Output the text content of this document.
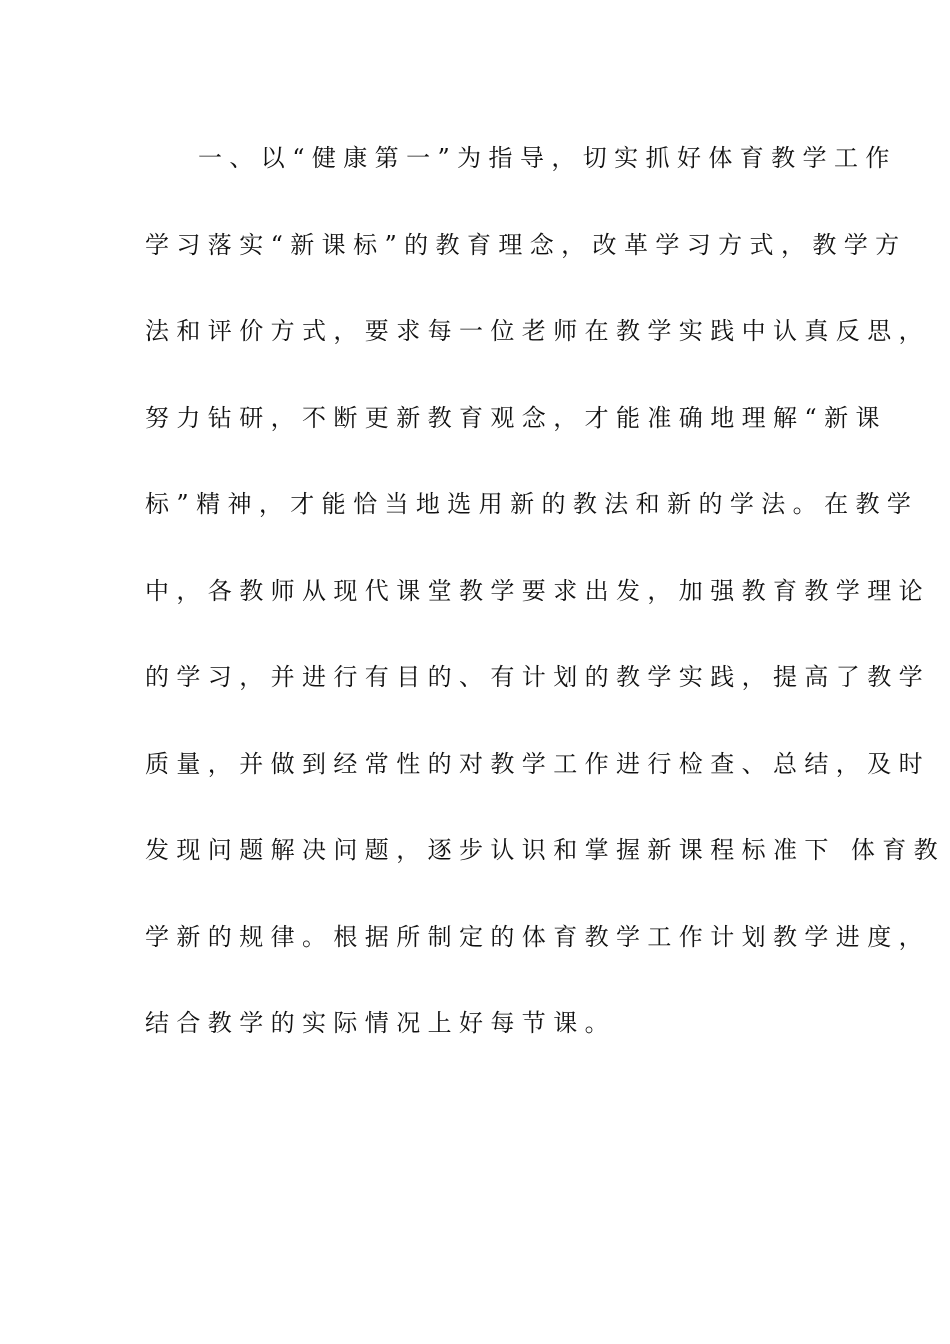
一、以“健康第一”为指导，切实抓好体育教学工作
学习落实“新课标”的教育理念，改革学习方式，教学方
法和评价方式，要求每一位老师在教学实践中认真反思，
努力钻研，不断更新教育观念，才能准确地理解“新课
标”精神，才能恰当地选用新的教法和新的学法。在教学
中，各教师从现代课堂教学要求出发，加强教育教学理论
的学习，并进行有目的、有计划的教学实践，提高了教学
质量，并做到经常性的对教学工作进行检查、总结，及时
发现问题解决问题，逐步认识和掌握新课程标准下 体育教
学新的规律。根据所制定的体育教学工作计划教学进度，
结合教学的实际情况上好每节课。
